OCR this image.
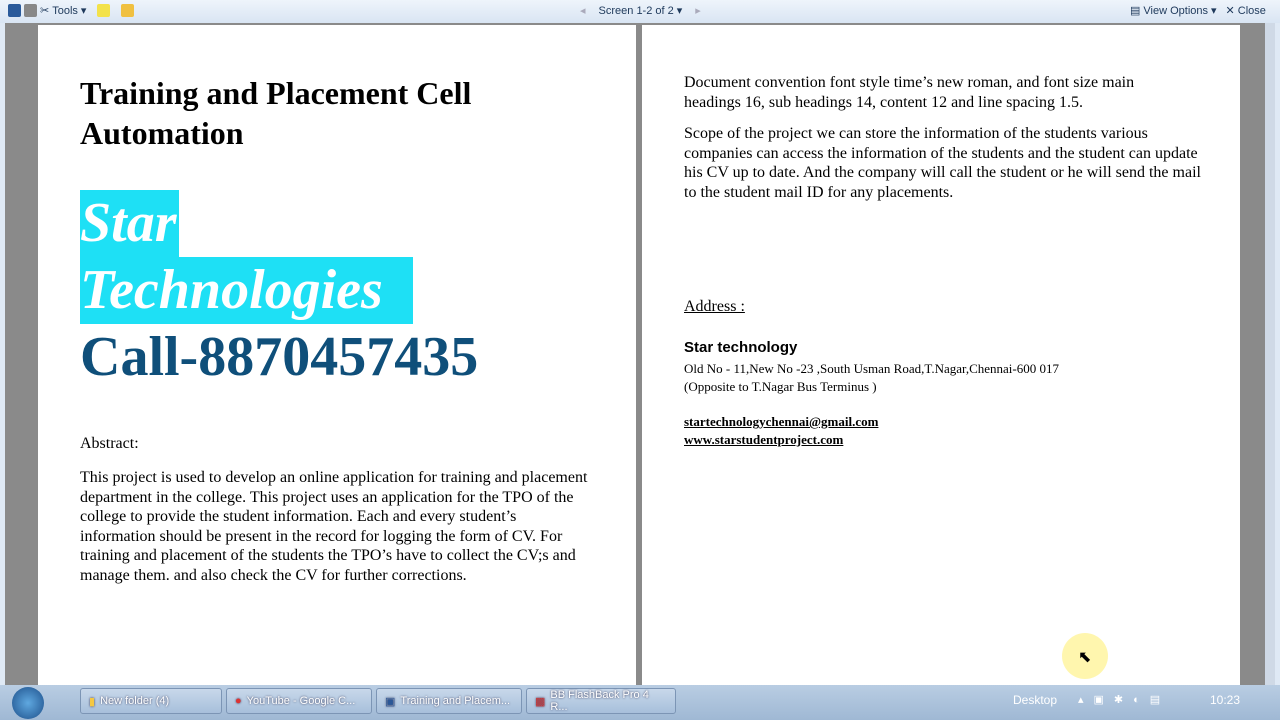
✂ Tools ▾	◂ Screen 1-2 of 2 ▾ ▸	▤ View Options ▾ ✕ Close
Training and Placement Cell Automation
Star
Technologies
Call-8870457435
Abstract:
This project is used to develop an online application for training and placement department in the college. This project uses an application for the TPO of the college to provide the student information. Each and every student’s information should be present in the record for logging the form of CV. For training and placement of the students the TPO’s have to collect the CV;s and manage them. and also check the CV for further corrections.
Document convention font style time’s new roman, and font size main headings 16, sub headings 14, content 12 and line spacing 1.5.
Scope of the project we can store the information of the students various companies can access the information of the students and the student can update his CV up to date. And the company will call the student or he will send the mail to the student mail ID for any placements.
Address :
Star technology
Old No - 11,New No -23 ,South Usman Road,T.Nagar,Chennai-600 017
(Opposite to T.Nagar Bus Terminus )
startechnologychennai@gmail.com
www.starstudentproject.com
⬉
▮ New folder (4)	● YouTube - Google C...	▣ Training and Placem... ▩
BB FlashBack Pro 4 R...	Desktop ▴▣✱◐▤	10:23
